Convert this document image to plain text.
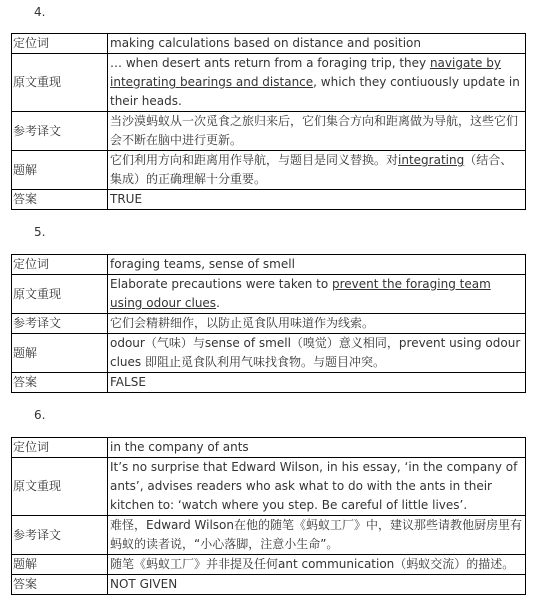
4.
定位词	making calculations based on distance and position
原文重现	… when desert ants return from a foraging trip, they navigate by integrating bearings and distance, which they contiuously update in their heads.
参考译文	当沙漠蚂蚁从一次觅食之旅归来后，它们集合方向和距离做为导航，这些它们会不断在脑中进行更新。
题解	它们利用方向和距离用作导航，与题目是同义替换。对integrating（结合、集成）的正确理解十分重要。
答案	TRUE
5.
定位词	foraging teams, sense of smell
原文重现	Elaborate precautions were taken to prevent the foraging team using odour clues.
参考译文	它们会精耕细作，以防止觅食队用味道作为线索。
题解	odour（气味）与sense of smell（嗅觉）意义相同，prevent using odour clues 即阻止觅食队利用气味找食物。与题目冲突。
答案	FALSE
6.
定位词	in the company of ants
原文重现	It’s no surprise that Edward Wilson, in his essay, ‘in the company of ants’, advises readers who ask what to do with the ants in their kitchen to: ‘watch where you step. Be careful of little lives’.
参考译文	难怪，Edward Wilson在他的随笔《蚂蚁工厂》中，建议那些请教他厨房里有蚂蚁的读者说，“小心落脚，注意小生命”。
题解	随笔《蚂蚁工厂》并非提及任何ant communication（蚂蚁交流）的描述。
答案	NOT GIVEN
